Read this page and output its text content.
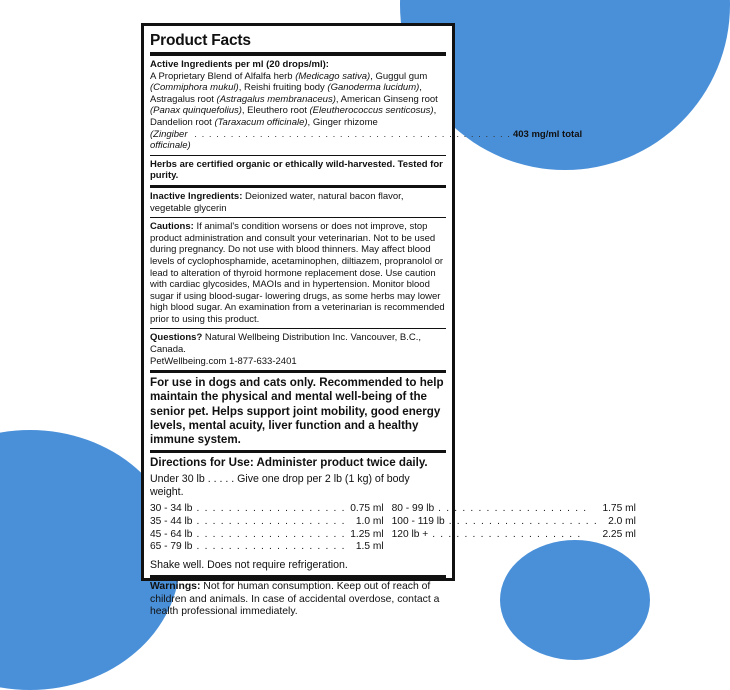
Product Facts
Active Ingredients per ml (20 drops/ml):
A Proprietary Blend of Alfalfa herb (Medicago sativa), Guggul gum (Commiphora mukul), Reishi fruiting body (Ganoderma lucidum), Astragalus root (Astragalus membranaceus), American Ginseng root (Panax quinquefolius), Eleuthero root (Eleutherococcus senticosus), Dandelion root (Taraxacum officinale), Ginger rhizome
(Zingiber officinale)
. . . . . . . . . . . . . . . . . . . . . . . . . . . . . . . . . . . . . . . . . . . . 403 mg/ml total
Herbs are certified organic or ethically wild-harvested. Tested for purity.
Inactive Ingredients: Deionized water, natural bacon flavor, vegetable glycerin
Cautions: If animal's condition worsens or does not improve, stop product administration and consult your veterinarian. Not to be used during pregnancy. Do not use with blood thinners. May affect blood levels of cyclophosphamide, acetaminophen, diltiazem, propranolol or lead to alteration of thyroid hormone replacement dose. Use caution with cardiac glycosides, MAOIs and in hypertension. Monitor blood sugar if using blood-sugar- lowering drugs, as some herbs may lower high blood sugar. An examination from a veterinarian is recommended prior to using this product.
Questions? Natural Wellbeing Distribution Inc. Vancouver, B.C., Canada.
PetWellbeing.com 1-877-633-2401
For use in dogs and cats only. Recommended to help maintain the physical and mental well-being of the senior pet. Helps support joint mobility, good energy levels, mental acuity, liver function and a healthy immune system.
Directions for Use: Administer product twice daily.
Under 30 lb . . . . . Give one drop per 2 lb (1 kg) of body weight.
30 - 34 lb . . . . . . . . . . . . . . . . . . . 0.75 ml
35 - 44 lb . . . . . . . . . . . . . . . . . . .	1.0 ml
45 - 64 lb . . . . . . . . . . . . . . . . . . . 1.25 ml
65 - 79 lb . . . . . . . . . . . . . . . . . . .	1.5 ml
80 - 99 lb . . . . . . . . . . . . . . . . . . .	1.75 ml
100 - 119 lb . . . . . . . . . . . . . . . . . . .	2.0 ml
120 lb + . . . . . . . . . . . . . . . . . . .	2.25 ml
Shake well. Does not require refrigeration.
Warnings: Not for human consumption. Keep out of reach of children and animals. In case of accidental overdose, contact a health professional immediately.
